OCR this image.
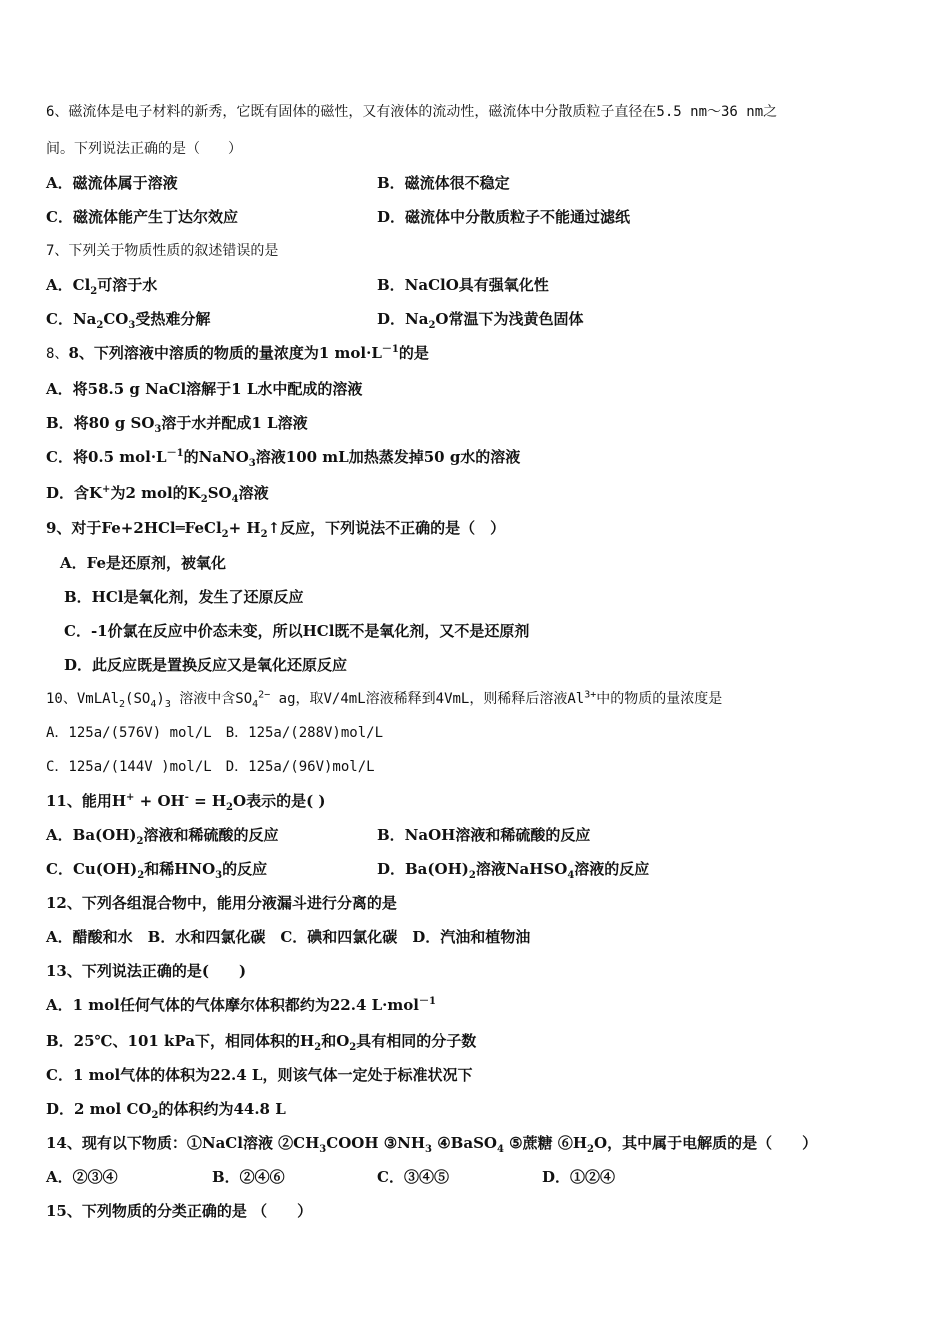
6、磁流体是电子材料的新秀，它既有固体的磁性，又有液体的流动性，磁流体中分散质粒子直径在5.5 nm～36 nm之
间。下列说法正确的是（　　）
A．磁流体属于溶液	B．磁流体很不稳定
C．磁流体能产生丁达尔效应	D．磁流体中分散质粒子不能通过滤纸
7、下列关于物质性质的叙述错误的是
A．$Cl_2$可溶于水	B．NaClO具有强氧化性
C．$Na_2CO_3$受热难分解	D．$Na_2O$常温下为浅黄色固体
8、8、下列溶液中溶质的物质的量浓度为1 $mol\cdot L^{-1}$的是
A．将58.5 g NaCl溶解于1 L水中配成的溶液
B．将80 g $SO_3$溶于水并配成1 L溶液
C．将0.5 $mol\cdot L^{-1}$的NaNO$_3$溶液100 mL加热蒸发掉50 g水的溶液
D．含K+为2 mol的$K_2SO_4$溶液
9、对于Fe+2HCl═FeCl$_2$+ $H_2↑$反应，下列说法不正确的是（　）
A．Fe是还原剂，被氧化
B．HCl是氧化剂，发生了还原反应
C．-1价氯在反应中价态未变，所以HCl既不是氧化剂，又不是还原剂
D．此反应既是置换反应又是氧化还原反应
10、$VmLAl_2(SO_4)_3$ 溶液中含$SO_4^{2-}$ ag，取V/4mL溶液稀释到4VmL，则稀释后溶液$Al^{3+}$中的物质的量浓度是
A．125a/(576V) mol/L　B．125a/(288V)mol/L
C．125a/(144V )mol/L　D．125a/(96V)mol/L
11、能用$H^+ + OH^- = H_2O$表示的是( )
A．$Ba(OH)_2$溶液和稀硫酸的反应	B．NaOH溶液和稀硫酸的反应
C．$Cu(OH)_2$和稀$HNO_3$的反应	D．$Ba(OH)_2$溶液NaHSO$_4$溶液的反应
12、下列各组混合物中，能用分液漏斗进行分离的是
A．醋酸和水　B．水和四氯化碳　C．碘和四氯化碳　D．汽油和植物油
13、下列说法正确的是(　　)
A．1 mol任何气体的气体摩尔体积都约为22.4 L·mol$^{-1}$
B．25℃、101 kPa下，相同体积的$H_2$和$O_2$具有相同的分子数
C．1 mol气体的体积为22.4 L，则该气体一定处于标准状况下
D．2 mol $CO_2$的体积约为44.8 L
14、现有以下物质：①NaCl溶液 $②CH_3COOH$ $③NH_3$ ④BaSO$_4$ ⑤蔗糖 $⑥H_2O$，其中属于电解质的是（　　）
A．②③④	B．②④⑥	C．③④⑤	D．①②④
15、下列物质的分类正确的是 （　　）
